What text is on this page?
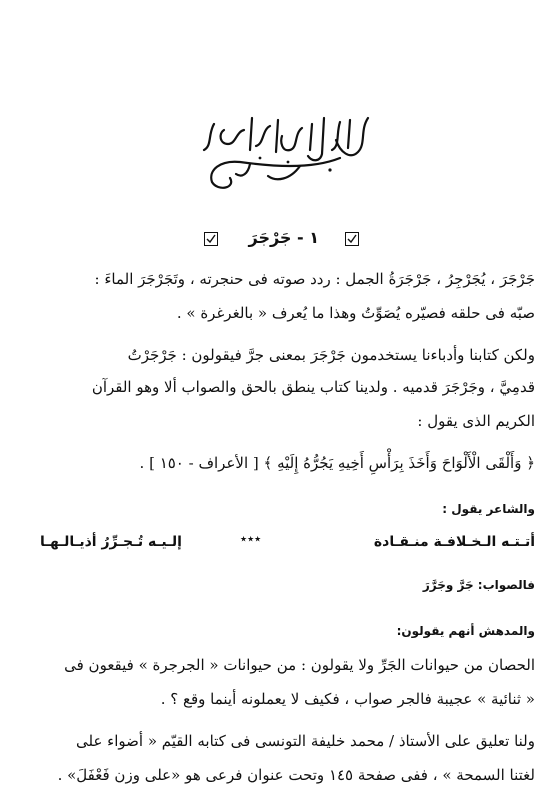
١ - جَرْجَرَ
جَرْجَرَ ، يُجَرْجِرُ ، جَرْجَرَةُ الجمل : ردد صوته فى حنجرته ، وتَجَرْجَرَ الماءَ :
صبّه فى حلقه فصيّره يُصَوِّتُ وهذا ما يُعرف « بالغرغرة » .
ولكن كتابنا وأدباءنا يستخدمون جَرْجَرَ بمعنى جرَّ فيقولون : جَرْجَرْتُ
قدمِيَّ ، وجَرْجَرَ قدميه . ولدينا كتاب ينطق بالحق والصواب ألا وهو القرآن
الكريم الذى يقول :
﴿ وَأَلْقَى الْأَلْوَاحَ وَأَخَذَ بِرَأْسِ أَخِيهِ يَجُرُّهُ إِلَيْهِ ﴾ [ الأعراف - ١٥٠ ] .
والشاعر يقول :
أتـتـه الـخـلافـة منـقـادة
٭٭٭
إلـيـه تُـجـرِّرُ أذيـالـهـا
فالصواب: جَرَّ وجَرَّرَ
والمدهش أنهم يقولون:
الحصان من حيوانات الجَرِّ ولا يقولون : من حيوانات « الجرجرة » فيقعون فى
« ثنائية » عجيبة فالجر صواب ، فكيف لا يعملونه أينما وقع ؟ .
ولنا تعليق على الأستاذ / محمد خليفة التونسى فى كتابه القيّم « أضواء على
لغتنا السمحة » ، ففى صفحة ١٤٥ وتحت عنوان فرعى هو «على وزن فَعْفَلَ» .
